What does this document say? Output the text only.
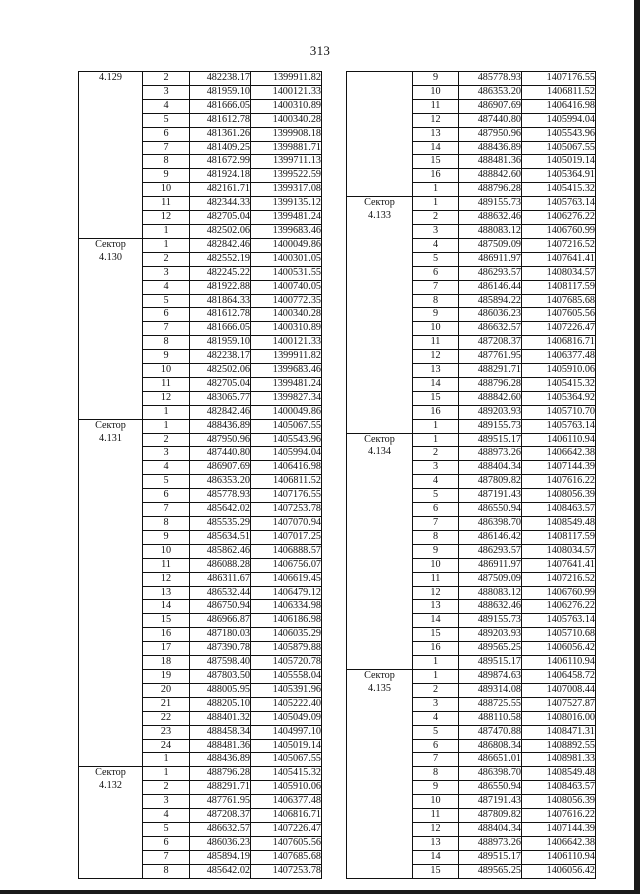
313
4.129	2	482238.17	1399911.82
	3	481959.10	1400121.33
	4	481666.05	1400310.89
	5	481612.78	1400340.28
	6	481361.26	1399908.18
	7	481409.25	1399881.71
	8	481672.99	1399711.13
	9	481924.18	1399522.59
	10	482161.71	1399317.08
	11	482344.33	1399135.12
	12	482705.04	1399481.24
	1	482502.06	1399683.46
Сектор
4.130	1	482842.46	1400049.86
	2	482552.19	1400301.05
	3	482245.22	1400531.55
	4	481922.88	1400740.05
	5	481864.33	1400772.35
	6	481612.78	1400340.28
	7	481666.05	1400310.89
	8	481959.10	1400121.33
	9	482238.17	1399911.82
	10	482502.06	1399683.46
	11	482705.04	1399481.24
	12	483065.77	1399827.34
	1	482842.46	1400049.86
Сектор
4.131	1	488436.89	1405067.55
	2	487950.96	1405543.96
	3	487440.80	1405994.04
	4	486907.69	1406416.98
	5	486353.20	1406811.52
	6	485778.93	1407176.55
	7	485642.02	1407253.78
	8	485535.29	1407070.94
	9	485634.51	1407017.25
	10	485862.46	1406888.57
	11	486088.28	1406756.07
	12	486311.67	1406619.45
	13	486532.44	1406479.12
	14	486750.94	1406334.98
	15	486966.87	1406186.98
	16	487180.03	1406035.29
	17	487390.78	1405879.88
	18	487598.40	1405720.78
	19	487803.50	1405558.04
	20	488005.95	1405391.96
	21	488205.10	1405222.40
	22	488401.32	1405049.09
	23	488458.34	1404997.10
	24	488481.36	1405019.14
	1	488436.89	1405067.55
Сектор
4.132	1	488796.28	1405415.32
	2	488291.71	1405910.06
	3	487761.95	1406377.48
	4	487208.37	1406816.71
	5	486632.57	1407226.47
	6	486036.23	1407605.56
	7	485894.19	1407685.68
	8	485642.02	1407253.78
	9	485778.93	1407176.55
	10	486353.20	1406811.52
	11	486907.69	1406416.98
	12	487440.80	1405994.04
	13	487950.96	1405543.96
	14	488436.89	1405067.55
	15	488481.36	1405019.14
	16	488842.60	1405364.91
	1	488796.28	1405415.32
Сектор
4.133	1	489155.73	1405763.14
	2	488632.46	1406276.22
	3	488083.12	1406760.99
	4	487509.09	1407216.52
	5	486911.97	1407641.41
	6	486293.57	1408034.57
	7	486146.44	1408117.59
	8	485894.22	1407685.68
	9	486036.23	1407605.56
	10	486632.57	1407226.47
	11	487208.37	1406816.71
	12	487761.95	1406377.48
	13	488291.71	1405910.06
	14	488796.28	1405415.32
	15	488842.60	1405364.92
	16	489203.93	1405710.70
	1	489155.73	1405763.14
Сектор
4.134	1	489515.17	1406110.94
	2	488973.26	1406642.38
	3	488404.34	1407144.39
	4	487809.82	1407616.22
	5	487191.43	1408056.39
	6	486550.94	1408463.57
	7	486398.70	1408549.48
	8	486146.42	1408117.59
	9	486293.57	1408034.57
	10	486911.97	1407641.41
	11	487509.09	1407216.52
	12	488083.12	1406760.99
	13	488632.46	1406276.22
	14	489155.73	1405763.14
	15	489203.93	1405710.68
	16	489565.25	1406056.42
	1	489515.17	1406110.94
Сектор
4.135	1	489874.63	1406458.72
	2	489314.08	1407008.44
	3	488725.55	1407527.87
	4	488110.58	1408016.00
	5	487470.88	1408471.31
	6	486808.34	1408892.55
	7	486651.01	1408981.33
	8	486398.70	1408549.48
	9	486550.94	1408463.57
	10	487191.43	1408056.39
	11	487809.82	1407616.22
	12	488404.34	1407144.39
	13	488973.26	1406642.38
	14	489515.17	1406110.94
	15	489565.25	1406056.42
